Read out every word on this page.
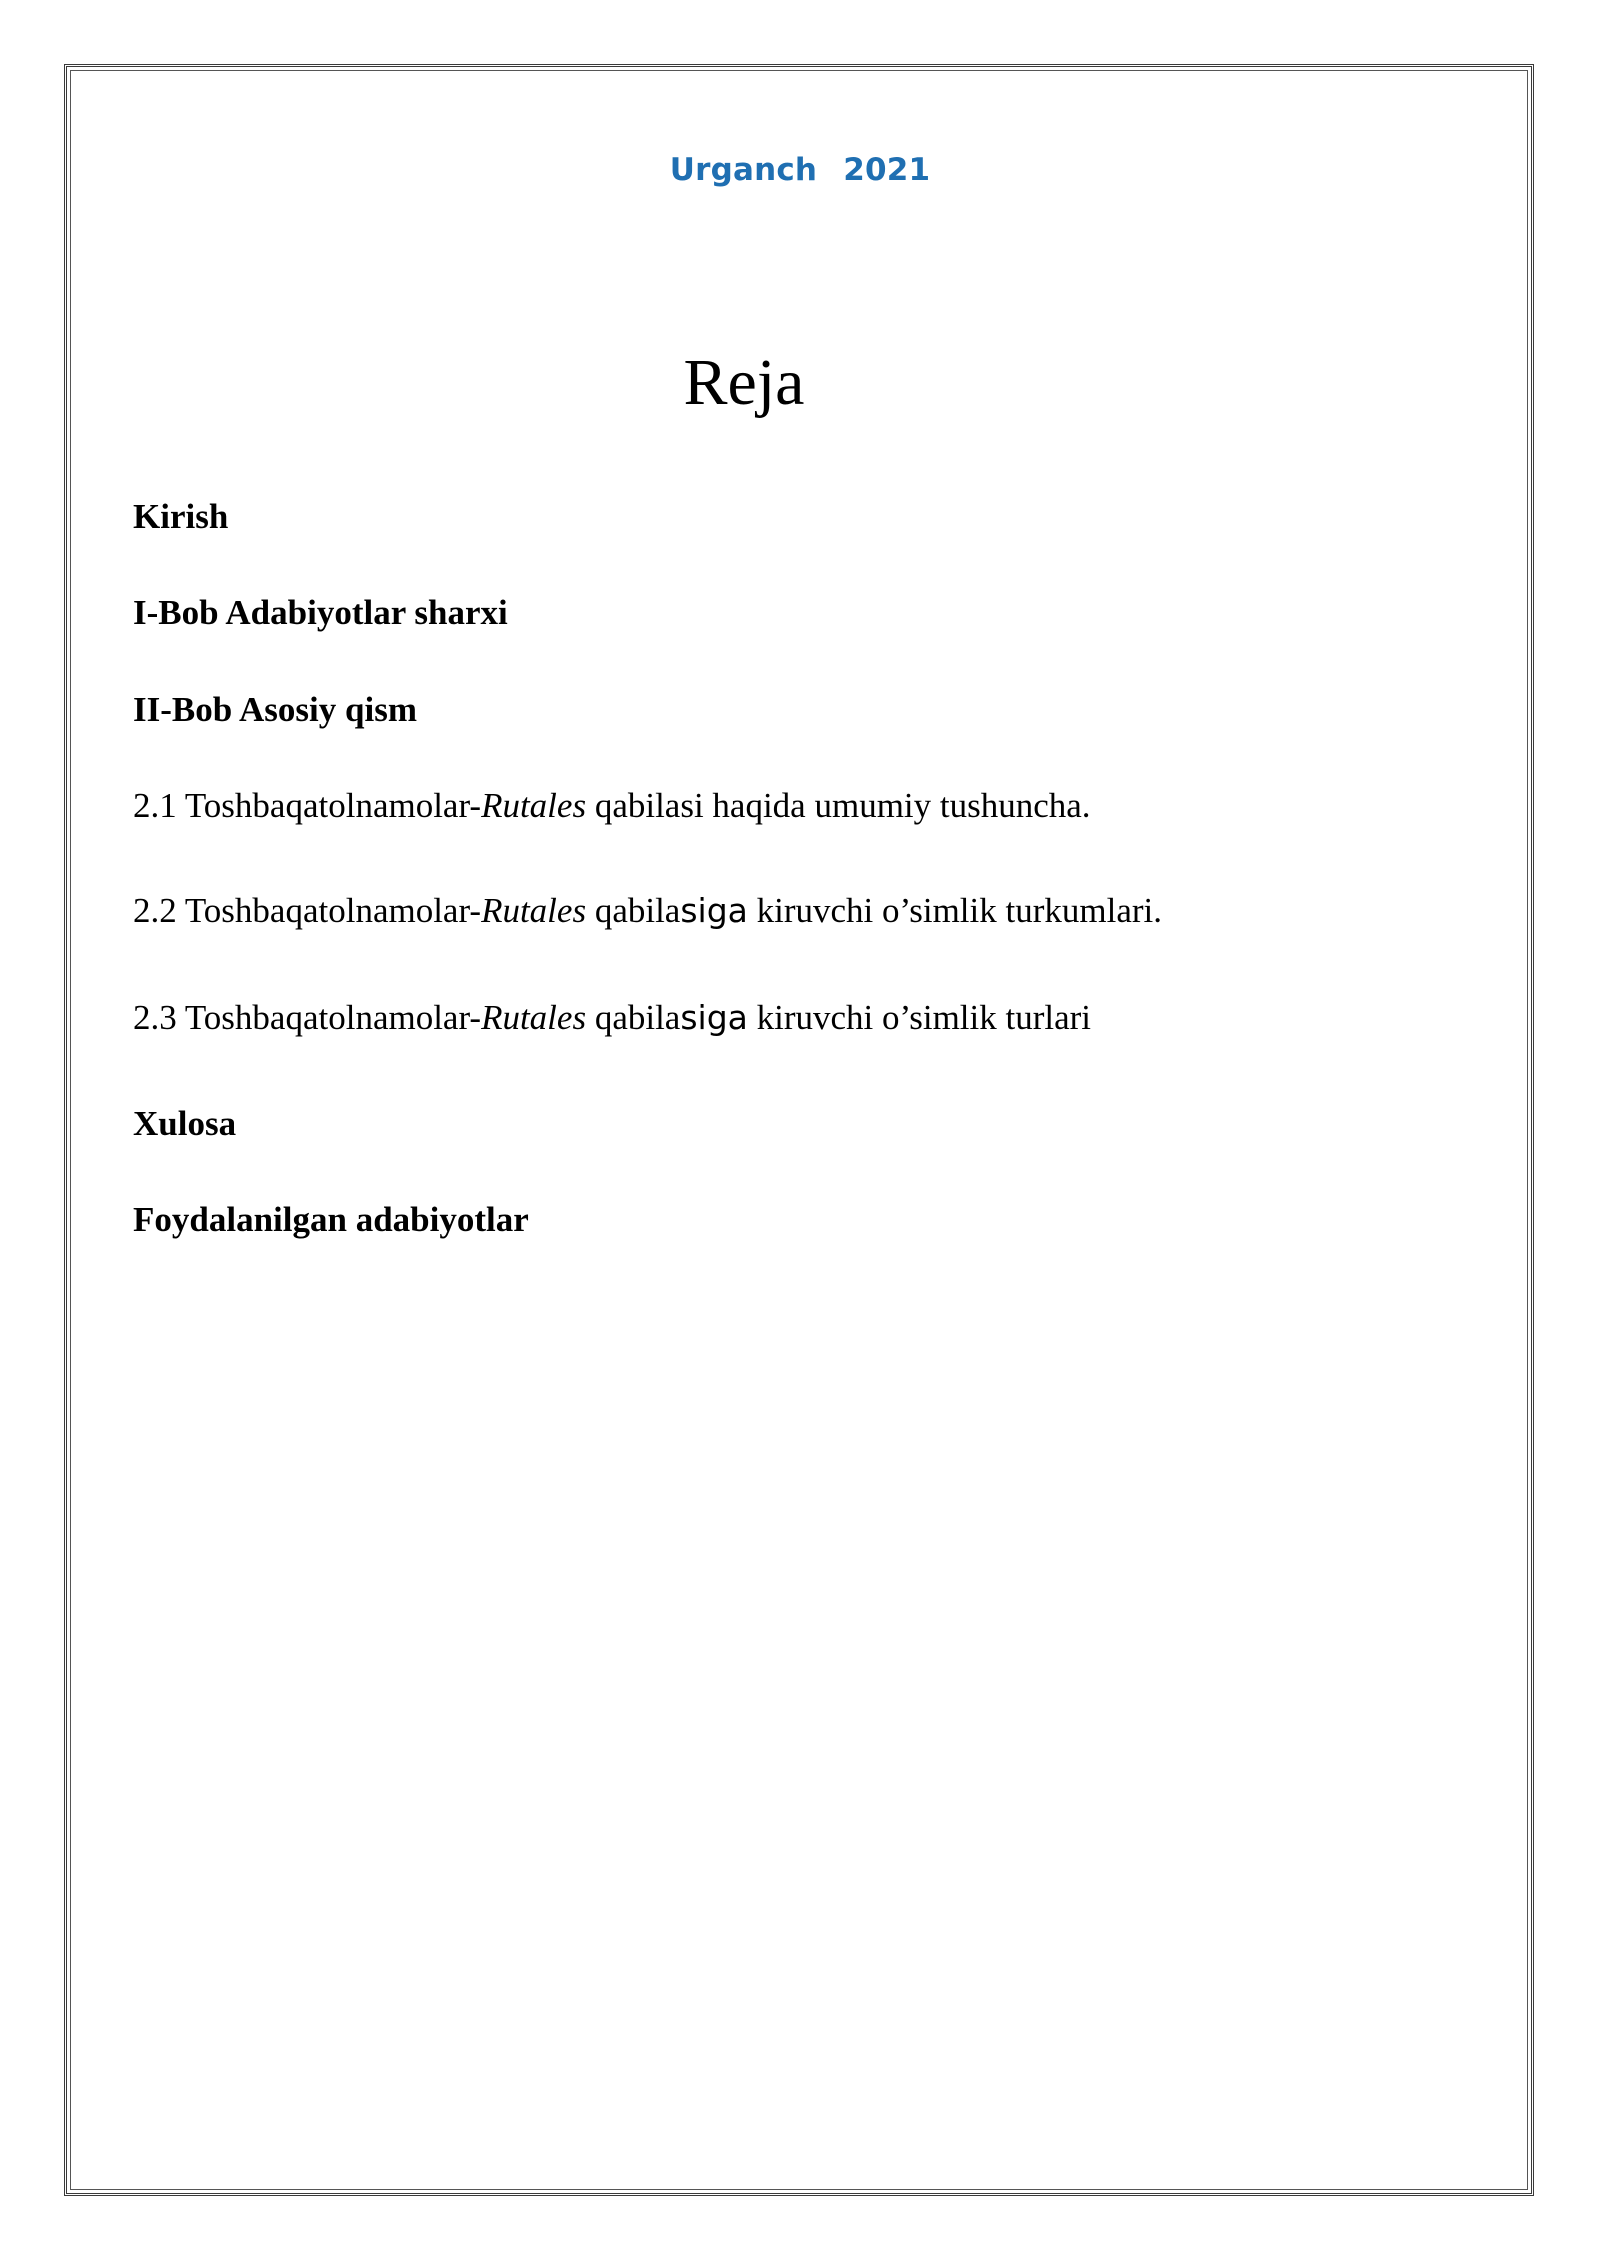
Urganch 2021
Reja
Kirish
I-Bob Adabiyotlar sharxi
II-Bob Asosiy qism
2.1 Toshbaqatolnamolar-Rutales qabilasi haqida umumiy tushuncha.
2.2 Toshbaqatolnamolar-Rutales qabilasiga kiruvchi o’simlik turkumlari.
2.3 Toshbaqatolnamolar-Rutales qabilasiga kiruvchi o’simlik turlari
Xulosa
Foydalanilgan adabiyotlar
